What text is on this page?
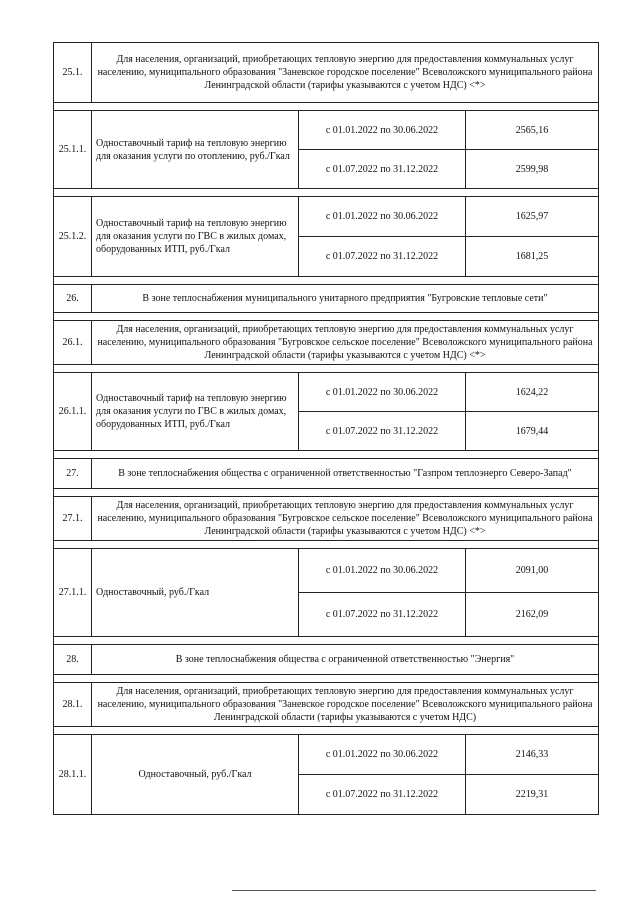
25.1.	Для населения, организаций, приобретающих тепловую энергию для предоставления коммунальных услуг населению, муниципального образования "Заневское городское поселение" Всеволожского муниципального района Ленинградской области (тарифы указываются с учетом НДС) <*>		

25.1.1.	Одноставочный тариф на тепловую энергию для оказания услуги по отоплению, руб./Гкал	с 01.01.2022 по 30.06.2022	2565,16
		с 01.07.2022 по 31.12.2022	2599,98

25.1.2.	Одноставочный тариф на тепловую энергию для оказания услуги по ГВС в жилых домах, оборудованных ИТП, руб./Гкал	с 01.01.2022 по 30.06.2022	1625,97
		с 01.07.2022 по 31.12.2022	1681,25

26.	В зоне теплоснабжения муниципального унитарного предприятия "Бугровские тепловые сети"		

26.1.	Для населения, организаций, приобретающих тепловую энергию для предоставления коммунальных услуг населению, муниципального образования "Бугровское сельское поселение" Всеволожского муниципального района Ленинградской области (тарифы указываются с учетом НДС) <*>		

26.1.1.	Одноставочный тариф на тепловую энергию для оказания услуги по ГВС в жилых домах, оборудованных ИТП, руб./Гкал	с 01.01.2022 по 30.06.2022	1624,22
		с 01.07.2022 по 31.12.2022	1679,44

27.	В зоне теплоснабжения общества с ограниченной ответственностью "Газпром теплоэнерго Северо-Запад"		

27.1.	Для населения, организаций, приобретающих тепловую энергию для предоставления коммунальных услуг населению, муниципального образования "Бугровское сельское поселение" Всеволожского муниципального района Ленинградской области (тарифы указываются с учетом НДС) <*>		

27.1.1.	Одноставочный, руб./Гкал	с 01.01.2022 по 30.06.2022	2091,00
		с 01.07.2022 по 31.12.2022	2162,09

28.	В зоне теплоснабжения общества с ограниченной ответственностью "Энергия"		

28.1.	Для населения, организаций, приобретающих тепловую энергию для предоставления коммунальных услуг населению, муниципального образования "Заневское городское поселение" Всеволожского муниципального района Ленинградской области (тарифы указываются с учетом НДС)		

28.1.1.	Одноставочный, руб./Гкал	с 01.01.2022 по 30.06.2022	2146,33
		с 01.07.2022 по 31.12.2022	2219,31
